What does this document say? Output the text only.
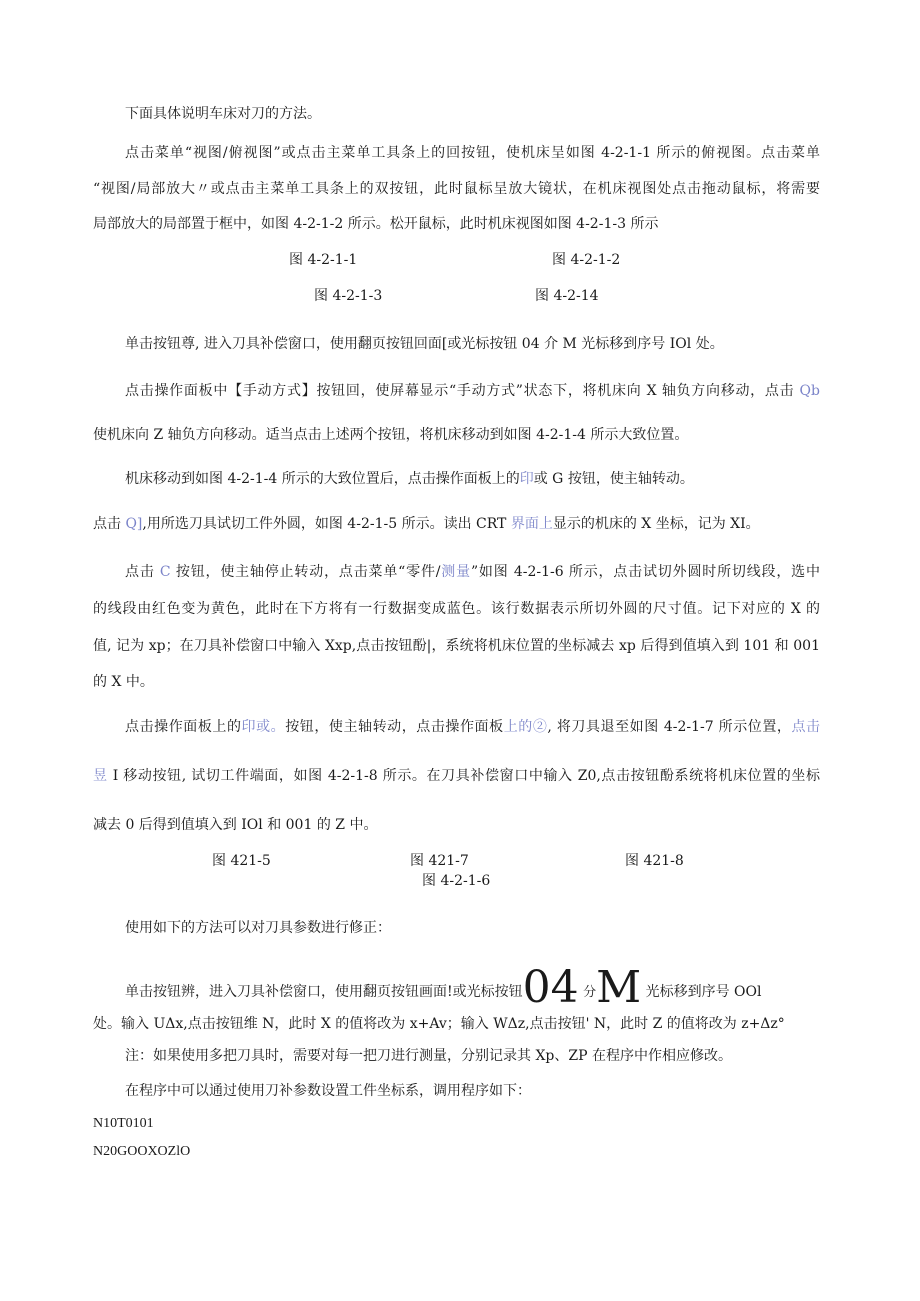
下面具体说明车床对刀的方法。
点击菜单“视图/俯视图”或点击主菜单工具条上的回按钮，使机床呈如图 4-2-1-1 所示的俯视图。点击菜单
“视图/局部放大〃或点击主菜单工具条上的双按钮，此时鼠标呈放大镜状，在机床视图处点击拖动鼠标，将需要
局部放大的局部置于框中，如图 4-2-1-2 所示。松开鼠标，此时机床视图如图 4-2-1-3 所示
图 4-2-1-1	图 4-2-1-2
图 4-2-1-3	图 4-2-14
单击按钮尊, 进入刀具补偿窗口，使用翻页按钮回面[或光标按钮 04 介 M 光标移到序号 IOl 处。
点击操作面板中【手动方式】按钮回，使屏幕显示“手动方式”状态下，将机床向 X 轴负方向移动，点击 Qb
使机床向 Z 轴负方向移动。适当点击上述两个按钮，将机床移动到如图 4-2-1-4 所示大致位置。
机床移动到如图 4-2-1-4 所示的大致位置后，点击操作面板上的印或 G 按钮，使主轴转动。
点击 Q],用所选刀具试切工件外圆，如图 4-2-1-5 所示。读出 CRT 界面上显示的机床的 X 坐标，记为 XI。
点击 C 按钮，使主轴停止转动，点击菜单“零件/测量”如图 4-2-1-6 所示，点击试切外圆时所切线段，选中
的线段由红色变为黄色，此时在下方将有一行数据变成蓝色。该行数据表示所切外圆的尺寸值。记下对应的 X 的
值, 记为 xp；在刀具补偿窗口中输入 Xxp,点击按钮酚|，系统将机床位置的坐标减去 xp 后得到值填入到 101 和 001
的 X 中。
点击操作面板上的印或。按钮，使主轴转动，点击操作面板上的②, 将刀具退至如图 4-2-1-7 所示位置，点击
昱 I 移动按钮, 试切工件端面，如图 4-2-1-8 所示。在刀具补偿窗口中输入 Z0,点击按钮酚系统将机床位置的坐标
减去 0 后得到值填入到 IOl 和 001 的 Z 中。
图 421-5	图 421-7	图 421-8
图 4-2-1-6
使用如下的方法可以对刀具参数进行修正：
单击按钮辨，进入刀具补偿窗口，使用翻页按钮画面!或光标按钮04 分M 光标移到序号 OOl
处。输入 UΔx,点击按钮维 N，此时 X 的值将改为 x+Av；输入 WΔz,点击按钮' N，此时 Z 的值将改为 z+Δz°
注：如果使用多把刀具时，需要对每一把刀进行测量，分别记录其 Xp、ZP 在程序中作相应修改。
在程序中可以通过使用刀补参数设置工件坐标系，调用程序如下：
N10T0101
N20GOOXOZlO
